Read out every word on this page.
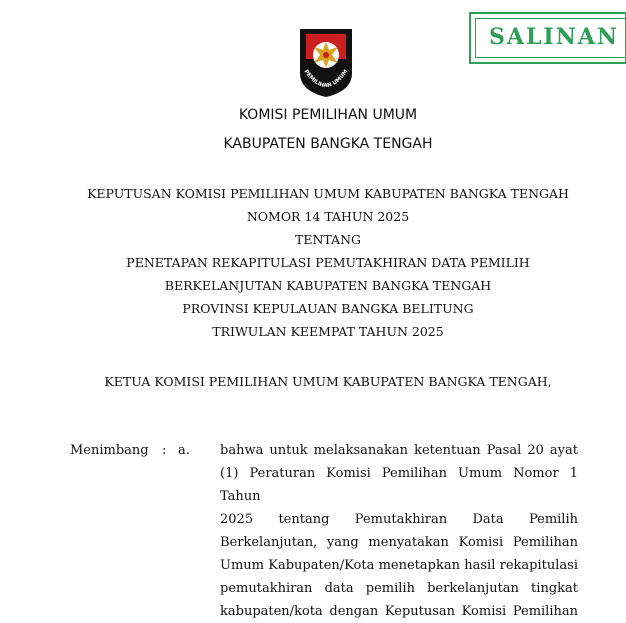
SALINAN
PEMILIHAN UMUM
KOMISI PEMILIHAN UMUM
KABUPATEN BANGKA TENGAH
KEPUTUSAN KOMISI PEMILIHAN UMUM KABUPATEN BANGKA TENGAH
NOMOR 14 TAHUN 2025
TENTANG
PENETAPAN REKAPITULASI PEMUTAKHIRAN DATA PEMILIH
BERKELANJUTAN KABUPATEN BANGKA TENGAH
PROVINSI KEPULAUAN BANGKA BELITUNG
TRIWULAN KEEMPAT TAHUN 2025
KETUA KOMISI PEMILIHAN UMUM KABUPATEN BANGKA TENGAH,
Menimbang : a. bahwa untuk melaksanakan ketentuan Pasal 20 ayat
(1) Peraturan Komisi Pemilihan Umum Nomor 1 Tahun
2025 tentang Pemutakhiran Data Pemilih
Berkelanjutan, yang menyatakan Komisi Pemilihan
Umum Kabupaten/Kota menetapkan hasil rekapitulasi
pemutakhiran data pemilih berkelanjutan tingkat
kabupaten/kota dengan Keputusan Komisi Pemilihan
